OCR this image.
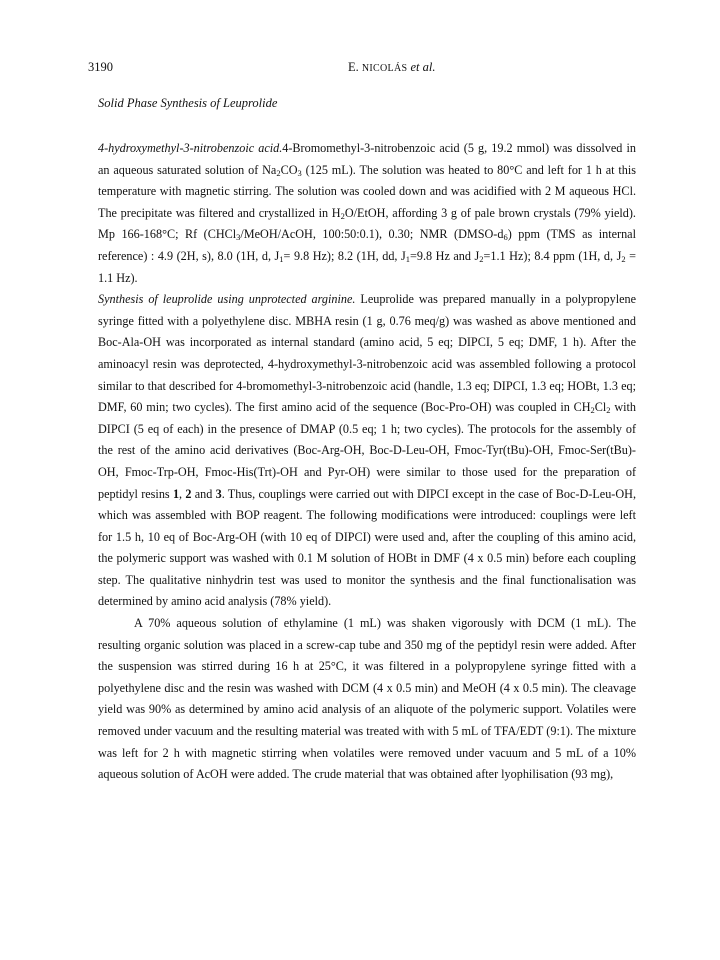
3190	E. NICOLÁS et al.
Solid Phase Synthesis of Leuprolide

4-hydroxymethyl-3-nitrobenzoic acid.4-Bromomethyl-3-nitrobenzoic acid (5 g, 19.2 mmol) was dissolved in an aqueous saturated solution of $Na_2CO_3$ (125 mL). The solution was heated to 80°C and left for 1 h at this temperature with magnetic stirring. The solution was cooled down and was acidified with 2 M aqueous HCl. The precipitate was filtered and crystallized in $H_2O$/EtOH, affording 3 g of pale brown crystals (79% yield). Mp 166-168°C; Rf (CHCl$_3$/MeOH/AcOH, 100:50:0.1), 0.30; NMR $(DMSO-d_6)$ ppm (TMS as internal reference) : 4.9 (2H, s), 8.0 (1H, d, $J_1= 9.8$ Hz); 8.2 (1H, dd, $J_1=9.8$ Hz and $J_2=1.1$ Hz); 8.4 ppm (1H, d, $J_2 = 1.1$ Hz).

Synthesis of leuprolide using unprotected arginine. Leuprolide was prepared manually in a polypropylene syringe fitted with a polyethylene disc. MBHA resin (1 g, 0.76 meq/g) was washed as above mentioned and Boc-Ala-OH was incorporated as internal standard (amino acid, 5 eq; DIPCI, 5 eq; DMF, 1 h). After the aminoacyl resin was deprotected, 4-hydroxymethyl-3-nitrobenzoic acid was assembled following a protocol similar to that described for 4-bromomethyl-3-nitrobenzoic acid (handle, 1.3 eq; DIPCI, 1.3 eq; HOBt, 1.3 eq; DMF, 60 min; two cycles). The first amino acid of the sequence (Boc-Pro-OH) was coupled in $CH_2Cl_2$ with DIPCI (5 eq of each) in the presence of DMAP (0.5 eq; 1 h; two cycles). The protocols for the assembly of the rest of the amino acid derivatives (Boc-Arg-OH, Boc-D-Leu-OH, Fmoc-Tyr(tBu)-OH, Fmoc-Ser(tBu)-OH, Fmoc-Trp-OH, Fmoc-His(Trt)-OH and Pyr-OH) were similar to those used for the preparation of peptidyl resins 1, 2 and 3. Thus, couplings were carried out with DIPCI except in the case of Boc-D-Leu-OH, which was assembled with BOP reagent. The following modifications were introduced: couplings were left for 1.5 h, 10 eq of Boc-Arg-OH (with 10 eq of DIPCI) were used and, after the coupling of this amino acid, the polymeric support was washed with 0.1 M solution of HOBt in DMF (4 x 0.5 min) before each coupling step. The qualitative ninhydrin test was used to monitor the synthesis and the final functionalisation was determined by amino acid analysis (78% yield).

A 70% aqueous solution of ethylamine (1 mL) was shaken vigorously with DCM (1 mL). The resulting organic solution was placed in a screw-cap tube and 350 mg of the peptidyl resin were added. After the suspension was stirred during 16 h at 25°C, it was filtered in a polypropylene syringe fitted with a polyethylene disc and the resin was washed with DCM (4 x 0.5 min) and MeOH (4 x 0.5 min). The cleavage yield was 90% as determined by amino acid analysis of an aliquote of the polymeric support. Volatiles were removed under vacuum and the resulting material was treated with with 5 mL of TFA/EDT (9:1). The mixture was left for 2 h with magnetic stirring when volatiles were removed under vacuum and 5 mL of a 10% aqueous solution of AcOH were added. The crude material that was obtained after lyophilisation (93 mg),
